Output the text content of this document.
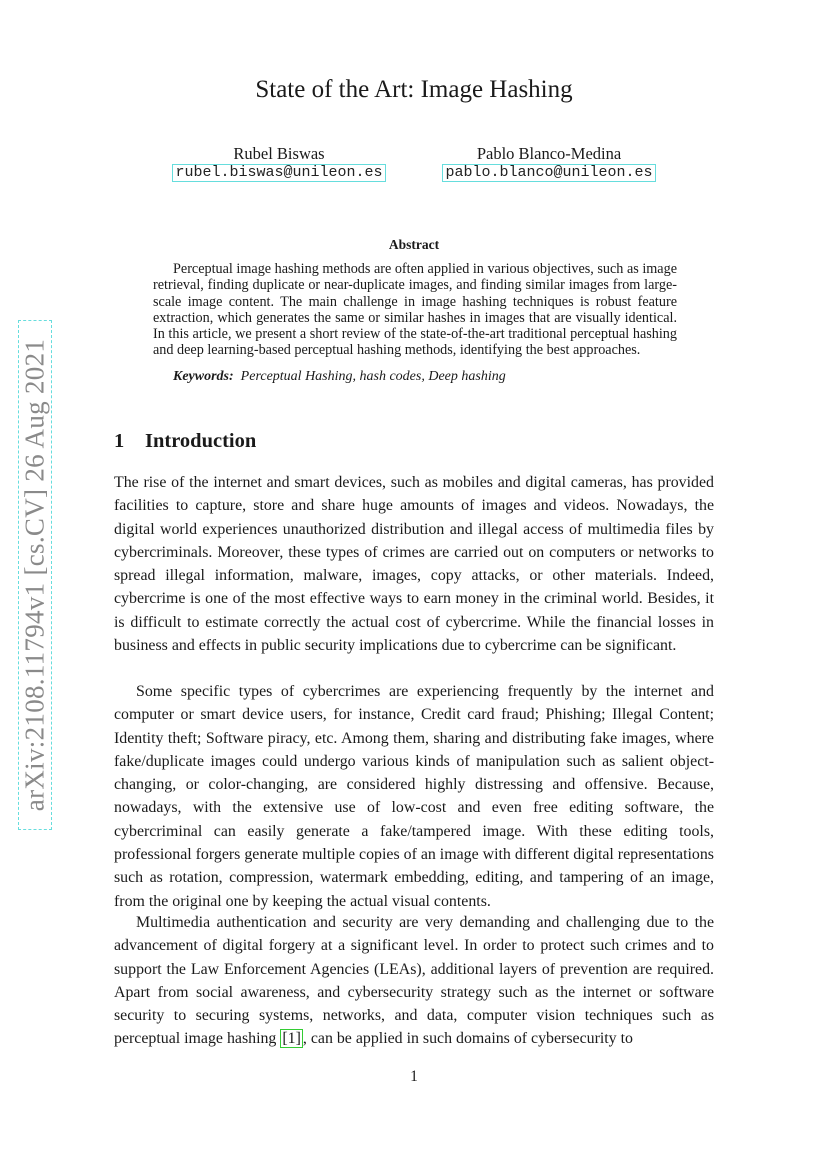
arXiv:2108.11794v1 [cs.CV] 26 Aug 2021
State of the Art: Image Hashing
Rubel Biswas
rubel.biswas@unileon.es
Pablo Blanco-Medina
pablo.blanco@unileon.es
Abstract
Perceptual image hashing methods are often applied in various objectives, such as image retrieval, finding duplicate or near-duplicate images, and finding similar images from large-scale image content. The main challenge in image hashing techniques is robust feature extraction, which generates the same or similar hashes in images that are visually identical. In this article, we present a short review of the state-of-the-art traditional perceptual hashing and deep learning-based perceptual hashing methods, identifying the best approaches.
Keywords: Perceptual Hashing, hash codes, Deep hashing
1 Introduction
The rise of the internet and smart devices, such as mobiles and digital cameras, has provided facilities to capture, store and share huge amounts of images and videos. Nowadays, the digital world experiences unauthorized distribution and illegal access of multimedia files by cybercriminals. Moreover, these types of crimes are carried out on computers or networks to spread illegal information, malware, images, copy attacks, or other materials. Indeed, cybercrime is one of the most effective ways to earn money in the criminal world. Besides, it is difficult to estimate correctly the actual cost of cybercrime. While the financial losses in business and effects in public security implications due to cybercrime can be significant.
Some specific types of cybercrimes are experiencing frequently by the internet and computer or smart device users, for instance, Credit card fraud; Phishing; Illegal Content; Identity theft; Software piracy, etc. Among them, sharing and distributing fake images, where fake/duplicate images could undergo various kinds of manipulation such as salient object-changing, or color-changing, are considered highly distressing and offensive. Because, nowadays, with the extensive use of low-cost and even free editing software, the cybercriminal can easily generate a fake/tampered image. With these editing tools, professional forgers generate multiple copies of an image with different digital representations such as rotation, compression, watermark embedding, editing, and tampering of an image, from the original one by keeping the actual visual contents.
Multimedia authentication and security are very demanding and challenging due to the advancement of digital forgery at a significant level. In order to protect such crimes and to support the Law Enforcement Agencies (LEAs), additional layers of prevention are required. Apart from social awareness, and cybersecurity strategy such as the internet or software security to securing systems, networks, and data, computer vision techniques such as perceptual image hashing [1] , can be applied in such domains of cybersecurity to
1
